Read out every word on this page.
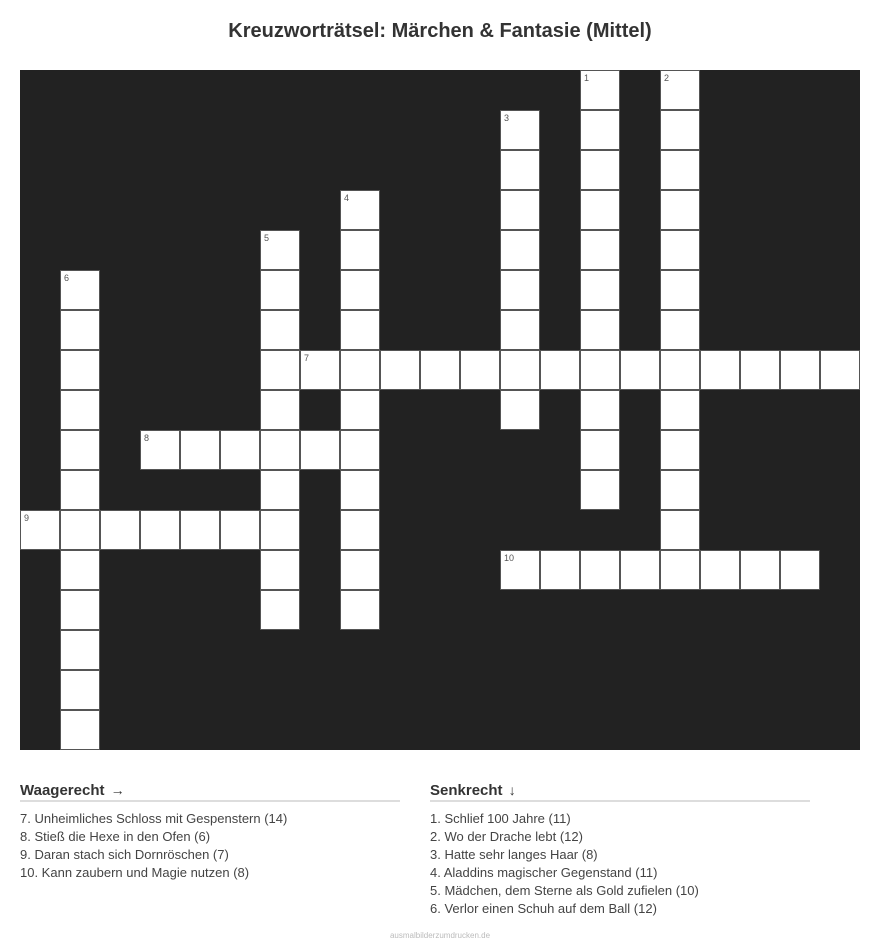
Kreuzworträtsel: Märchen & Fantasie (Mittel)
1	2
3
4
5
6
7
8
9
10
Waagerecht →
7. Unheimliches Schloss mit Gespenstern (14)
8. Stieß die Hexe in den Ofen (6)
9. Daran stach sich Dornröschen (7)
10. Kann zaubern und Magie nutzen (8)
Senkrecht ↓
1. Schlief 100 Jahre (11)
2. Wo der Drache lebt (12)
3. Hatte sehr langes Haar (8)
4. Aladdins magischer Gegenstand (11)
5. Mädchen, dem Sterne als Gold zufielen (10)
6. Verlor einen Schuh auf dem Ball (12)
ausmalbilderzumdrucken.de
